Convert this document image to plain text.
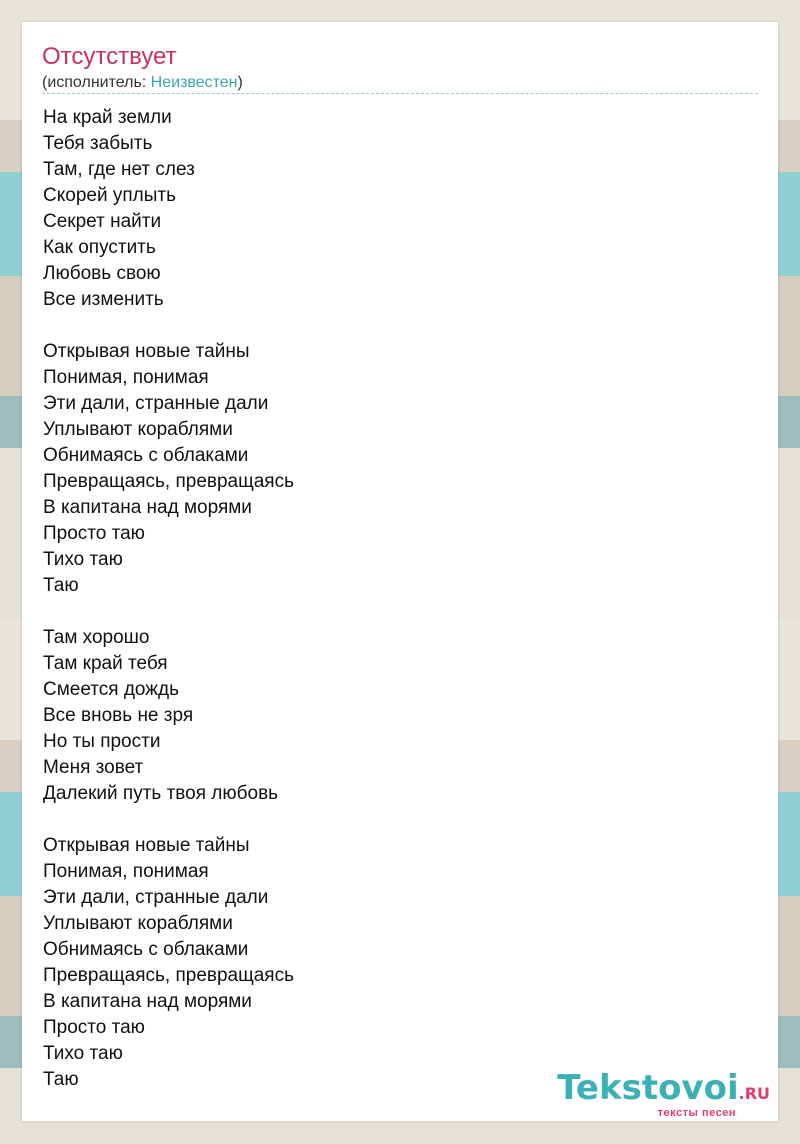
Отсутствует
(исполнитель: Неизвестен)
На край земли
Тебя забыть
Там, где нет слез
Скорей уплыть
Секрет найти
Как опустить
Любовь свою
Все изменить

Открывая новые тайны
Понимая, понимая
Эти дали, странные дали
Уплывают кораблями
Обнимаясь с облаками
Превращаясь, превращаясь
В капитана над морями
Просто таю
Тихо таю
Таю

Там хорошо
Там край тебя
Смеется дождь
Все вновь не зря
Но ты прости
Меня зовет
Далекий путь твоя любовь

Открывая новые тайны
Понимая, понимая
Эти дали, странные дали
Уплывают кораблями
Обнимаясь с облаками
Превращаясь, превращаясь
В капитана над морями
Просто таю
Тихо таю
Таю	Tekstovoi.RU
тексты песен
